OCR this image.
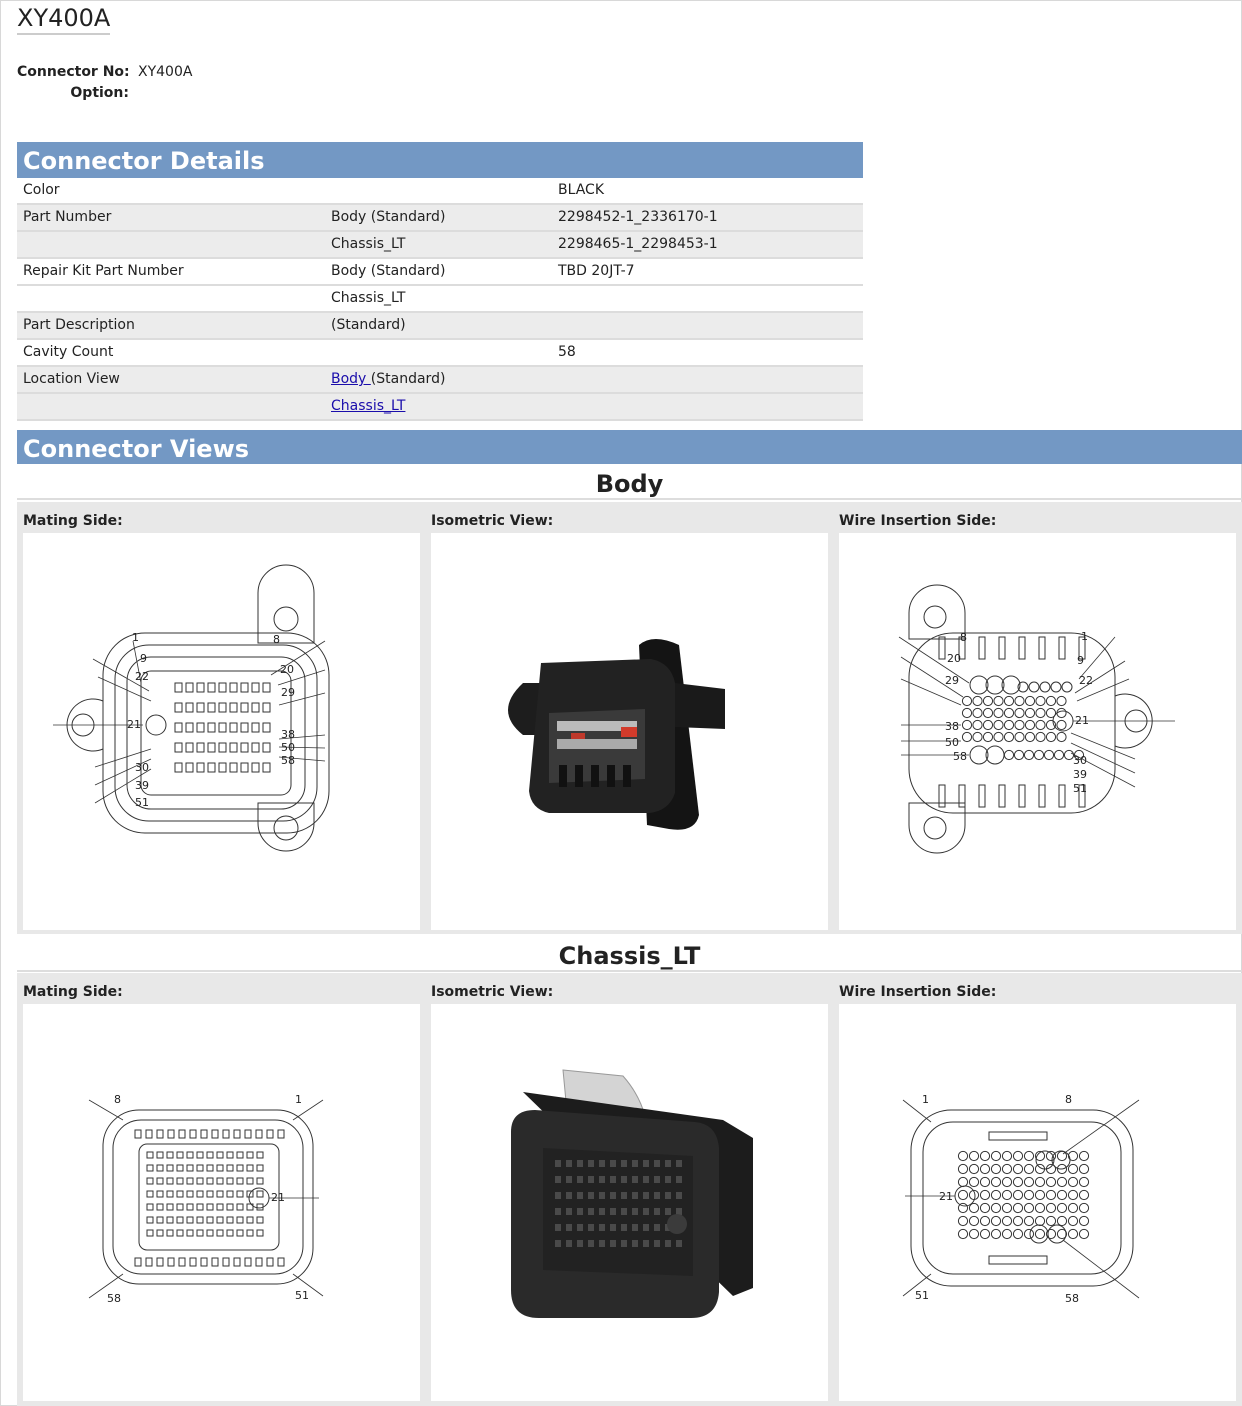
XY400A
Connector No: XY400A
Option:
Connector Details
Color		BLACK
Part Number	Body (Standard)	2298452-1_2336170-1
	Chassis_LT	2298465-1_2298453-1
Repair Kit Part Number	Body (Standard)	TBD 20JT-7
	Chassis_LT	
Part Description	(Standard)	
Cavity Count		58
Location View	Body (Standard)	
	Chassis_LT	
Connector Views
Body
Mating Side:
1	8
9
22
20
29
21
38
50
58
30
39
51
Isometric View:	Wire Insertion Side:
8	1
20	9
29	22
38	21
50
58	30
39
51
Chassis_LT
Mating Side:
8	1
21
58	51
Isometric View:	Wire Insertion Side:
1	8
21
51	58
